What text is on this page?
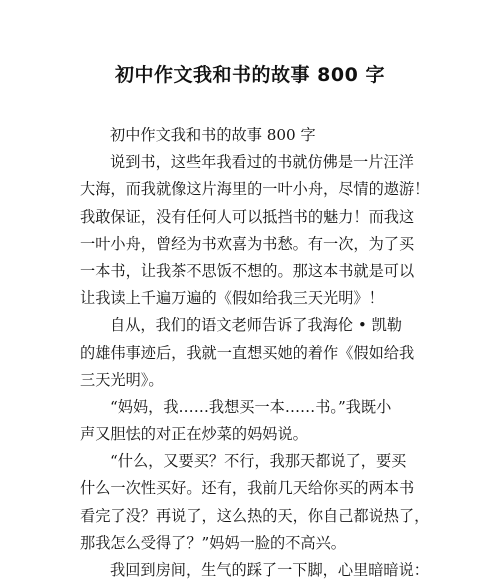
初中作文我和书的故事 800 字
初中作文我和书的故事 800 字
说到书，这些年我看过的书就仿佛是一片汪洋
大海，而我就像这片海里的一叶小舟，尽情的遨游！
我敢保证，没有任何人可以抵挡书的魅力！而我这
一叶小舟，曾经为书欢喜为书愁。有一次，为了买
一本书，让我茶不思饭不想的。那这本书就是可以
让我读上千遍万遍的《假如给我三天光明》！
自从，我们的语文老师告诉了我海伦 • 凯勒
的雄伟事迹后，我就一直想买她的着作《假如给我
三天光明》。
“妈妈，我……我想买一本……书。”我既小
声又胆怯的对正在炒菜的妈妈说。
“什么，又要买？不行，我那天都说了，要买
什么一次性买好。还有，我前几天给你买的两本书
看完了没？再说了，这么热的天，你自己都说热了，
那我怎么受得了？”妈妈一脸的不高兴。
我回到房间，生气的踩了一下脚，心里暗暗说：
